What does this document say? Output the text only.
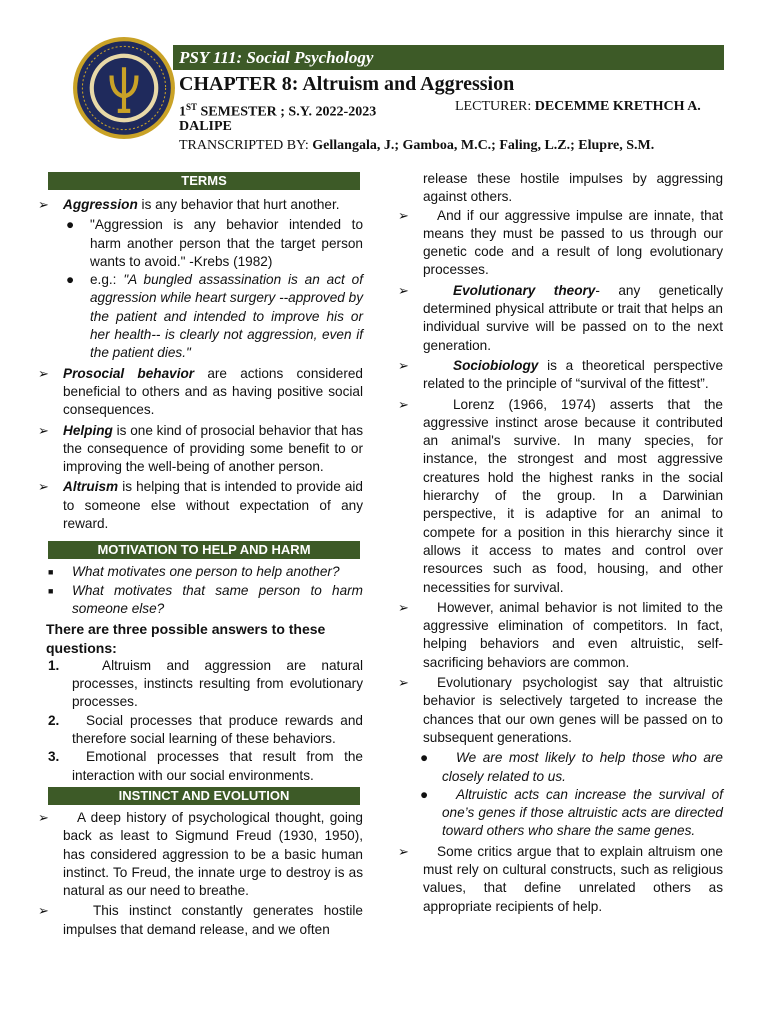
PSY 111: Social Psychology
CHAPTER 8: Altruism and Aggression
1ST SEMESTER ; S.Y. 2022-2023	LECTURER: DECEMME KRETHCH A.
DALIPE
TRANSCRIPTED BY: Gellangala, J.; Gamboa, M.C.; Faling, L.Z.; Elupre, S.M.
TERMS
➢ Aggression is any behavior that hurt another.
● "Aggression is any behavior intended to harm another person that the target person wants to avoid." -Krebs (1982)
● e.g.: "A bungled assassination is an act of aggression while heart surgery --approved by the patient and intended to improve his or her health-- is clearly not aggression, even if the patient dies."
➢ Prosocial behavior are actions considered beneficial to others and as having positive social consequences.
➢ Helping is one kind of prosocial behavior that has the consequence of providing some benefit to or improving the well-being of another person.
➢ Altruism is helping that is intended to provide aid to someone else without expectation of any reward.
MOTIVATION TO HELP AND HARM
■ What motivates one person to help another?
■ What motivates that same person to harm someone else?
There are three possible answers to these questions:
1.	Altruism and aggression are natural processes, instincts resulting from evolutionary processes.
2. Social processes that produce rewards and therefore social learning of these behaviors.
3. Emotional processes that result from the interaction with our social environments.
INSTINCT AND EVOLUTION
➢ A deep history of psychological thought, going back as least to Sigmund Freud (1930, 1950), has considered aggression to be a basic human instinct. To Freud, the innate urge to destroy is as natural as our need to breathe.
➢	This instinct constantly generates hostile impulses that demand release, and we often
release these hostile impulses by aggressing against others.
➢ And if our aggressive impulse are innate, that means they must be passed to us through our genetic code and a result of long evolutionary processes.
➢	Evolutionary theory- any genetically determined physical attribute or trait that helps an individual survive will be passed on to the next generation.
➢	Sociobiology is a theoretical perspective related to the principle of “survival of the fittest”.
➢	Lorenz (1966, 1974) asserts that the aggressive instinct arose because it contributed an animal's survive. In many species, for instance, the strongest and most aggressive creatures hold the highest ranks in the social hierarchy of the group. In a Darwinian perspective, it is adaptive for an animal to compete for a position in this hierarchy since it allows it access to mates and control over resources such as food, housing, and other necessities for survival.
➢ However, animal behavior is not limited to the aggressive elimination of competitors. In fact, helping behaviors and even altruistic, self-sacrificing behaviors are common.
➢ Evolutionary psychologist say that altruistic behavior is selectively targeted to increase the chances that our own genes will be passed on to subsequent generations.
● We are most likely to help those who are closely related to us.
● Altruistic acts can increase the survival of one’s genes if those altruistic acts are directed toward others who share the same genes.
➢ Some critics argue that to explain altruism one must rely on cultural constructs, such as religious values, that define unrelated others as appropriate recipients of help.
